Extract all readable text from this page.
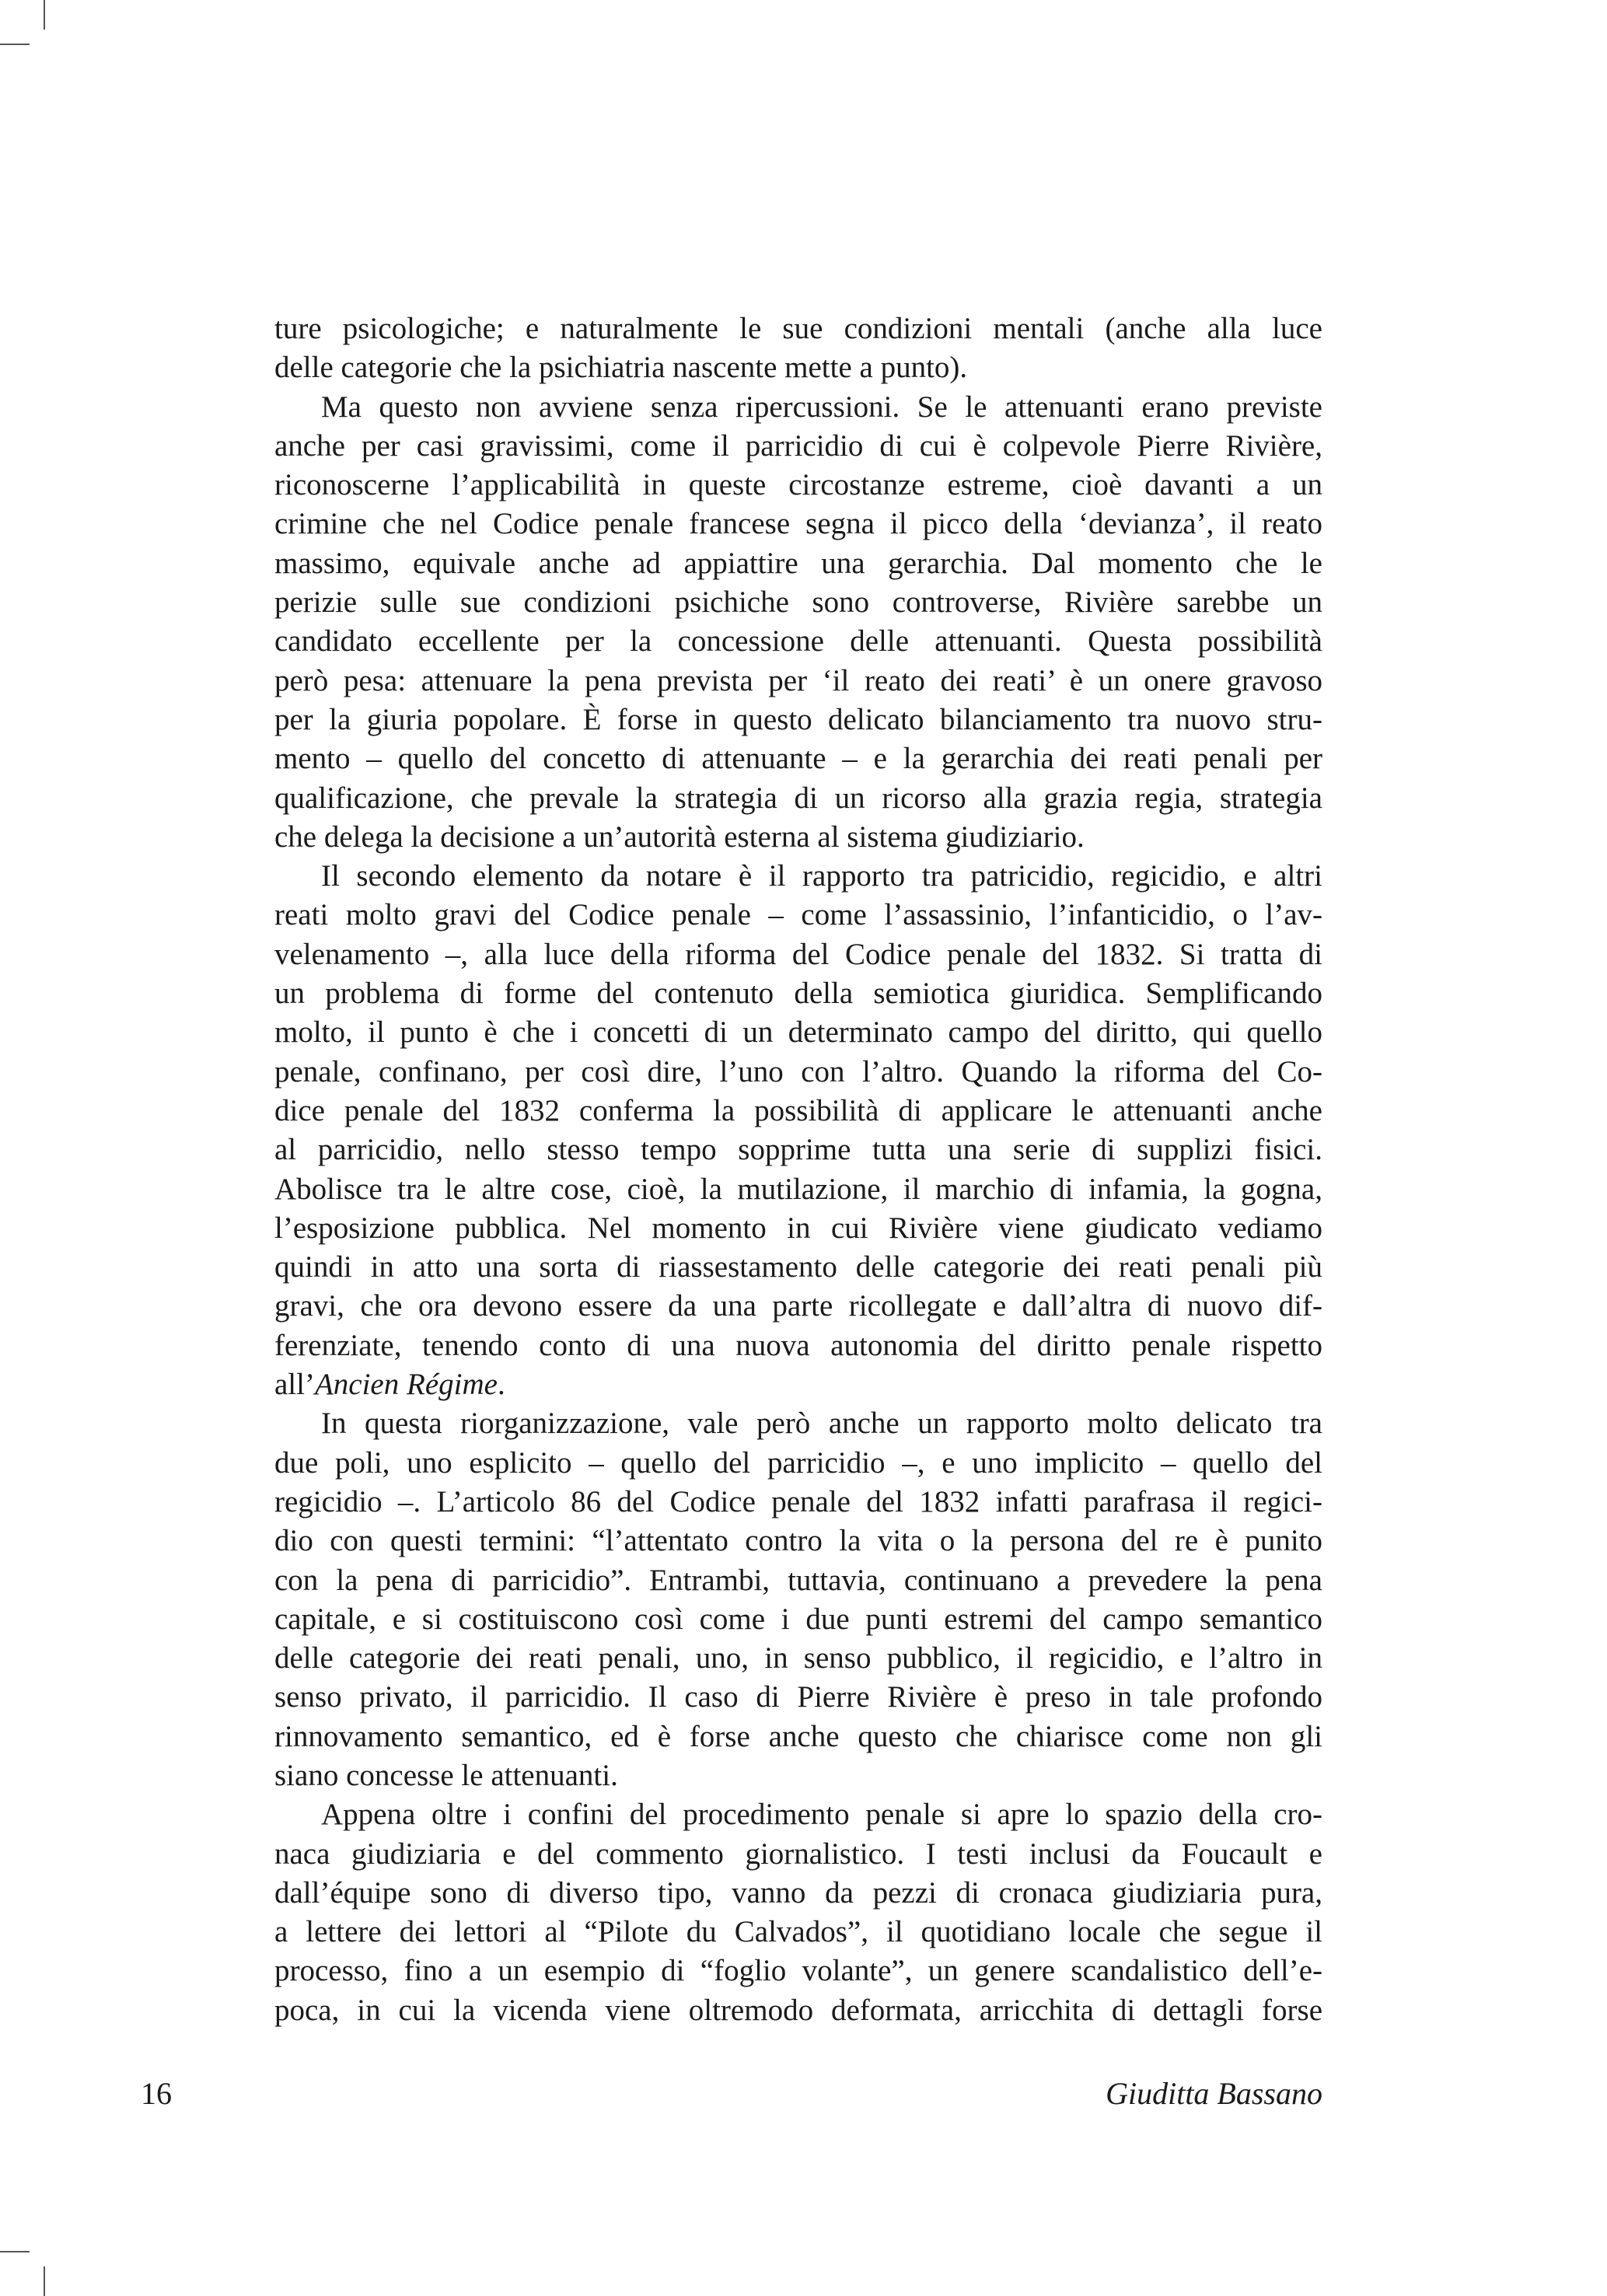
ture psicologiche; e naturalmente le sue condizioni mentali (anche alla luce
delle categorie che la psichiatria nascente mette a punto).
Ma questo non avviene senza ripercussioni. Se le attenuanti erano previste
anche per casi gravissimi, come il parricidio di cui è colpevole Pierre Rivière,
riconoscerne l’applicabilità in queste circostanze estreme, cioè davanti a un
crimine che nel Codice penale francese segna il picco della ‘devianza’, il reato
massimo, equivale anche ad appiattire una gerarchia. Dal momento che le
perizie sulle sue condizioni psichiche sono controverse, Rivière sarebbe un
candidato eccellente per la concessione delle attenuanti. Questa possibilità
però pesa: attenuare la pena prevista per ‘il reato dei reati’ è un onere gravoso
per la giuria popolare. È forse in questo delicato bilanciamento tra nuovo stru-
mento – quello del concetto di attenuante – e la gerarchia dei reati penali per
qualificazione, che prevale la strategia di un ricorso alla grazia regia, strategia
che delega la decisione a un’autorità esterna al sistema giudiziario.
Il secondo elemento da notare è il rapporto tra patricidio, regicidio, e altri
reati molto gravi del Codice penale – come l’assassinio, l’infanticidio, o l’av-
velenamento –, alla luce della riforma del Codice penale del 1832. Si tratta di
un problema di forme del contenuto della semiotica giuridica. Semplificando
molto, il punto è che i concetti di un determinato campo del diritto, qui quello
penale, confinano, per così dire, l’uno con l’altro. Quando la riforma del Co-
dice penale del 1832 conferma la possibilità di applicare le attenuanti anche
al parricidio, nello stesso tempo sopprime tutta una serie di supplizi fisici.
Abolisce tra le altre cose, cioè, la mutilazione, il marchio di infamia, la gogna,
l’esposizione pubblica. Nel momento in cui Rivière viene giudicato vediamo
quindi in atto una sorta di riassestamento delle categorie dei reati penali più
gravi, che ora devono essere da una parte ricollegate e dall’altra di nuovo dif-
ferenziate, tenendo conto di una nuova autonomia del diritto penale rispetto
all’Ancien Régime.
In questa riorganizzazione, vale però anche un rapporto molto delicato tra
due poli, uno esplicito – quello del parricidio –, e uno implicito – quello del
regicidio –. L’articolo 86 del Codice penale del 1832 infatti parafrasa il regici-
dio con questi termini: “l’attentato contro la vita o la persona del re è punito
con la pena di parricidio”. Entrambi, tuttavia, continuano a prevedere la pena
capitale, e si costituiscono così come i due punti estremi del campo semantico
delle categorie dei reati penali, uno, in senso pubblico, il regicidio, e l’altro in
senso privato, il parricidio. Il caso di Pierre Rivière è preso in tale profondo
rinnovamento semantico, ed è forse anche questo che chiarisce come non gli
siano concesse le attenuanti.
Appena oltre i confini del procedimento penale si apre lo spazio della cro-
naca giudiziaria e del commento giornalistico. I testi inclusi da Foucault e
dall’équipe sono di diverso tipo, vanno da pezzi di cronaca giudiziaria pura,
a lettere dei lettori al “Pilote du Calvados”, il quotidiano locale che segue il
processo, fino a un esempio di “foglio volante”, un genere scandalistico dell’e-
poca, in cui la vicenda viene oltremodo deformata, arricchita di dettagli forse
16	Giuditta Bassano
